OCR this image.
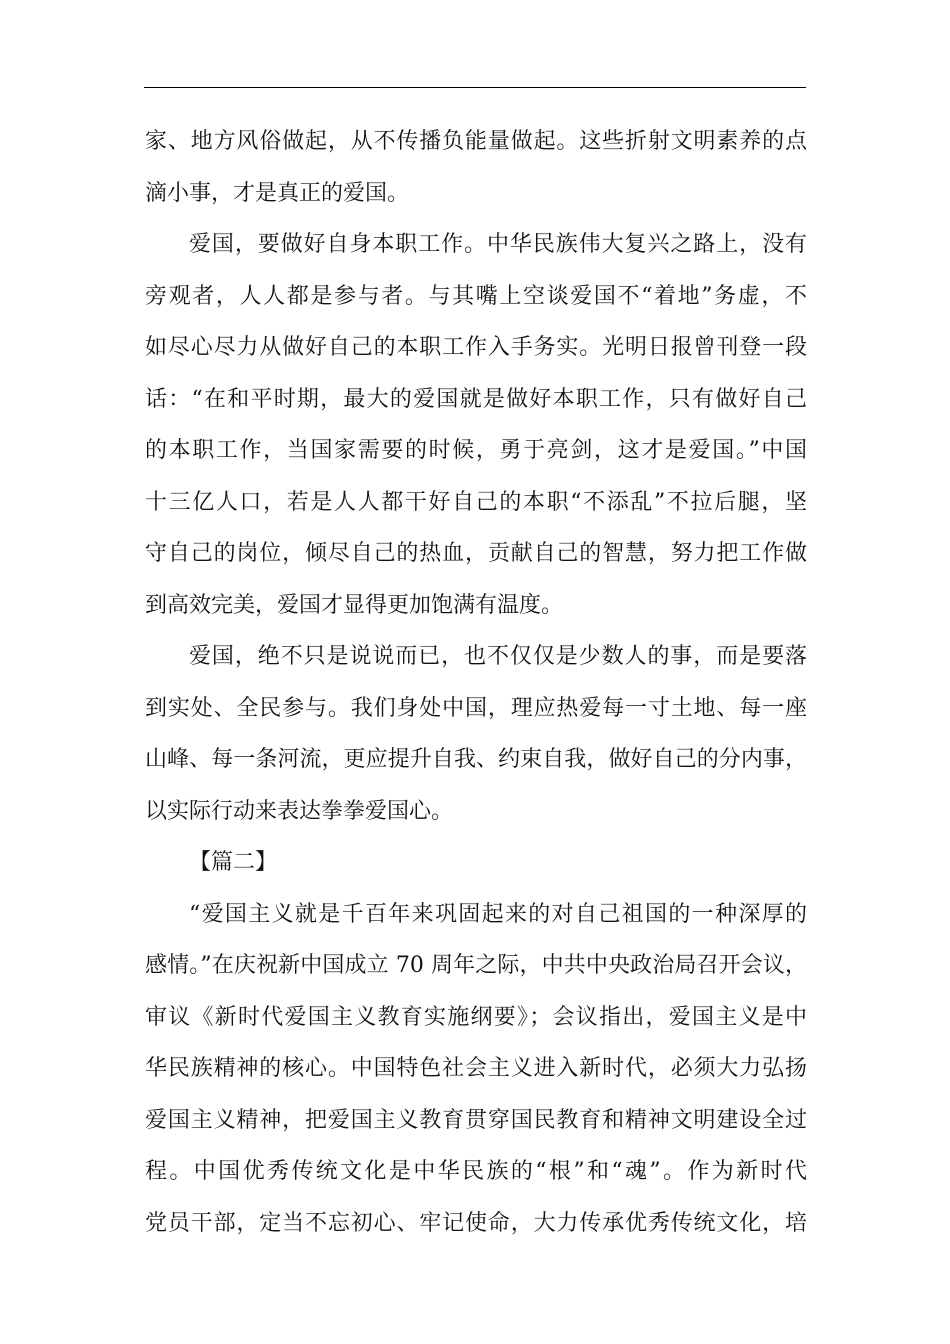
家、地方风俗做起，从不传播负能量做起。这些折射文明素养的点
滴小事，才是真正的爱国。
爱国，要做好自身本职工作。中华民族伟大复兴之路上，没有
旁观者，人人都是参与者。与其嘴上空谈爱国不“着地”务虚，不
如尽心尽力从做好自己的本职工作入手务实。光明日报曾刊登一段
话：“在和平时期，最大的爱国就是做好本职工作，只有做好自己
的本职工作，当国家需要的时候，勇于亮剑，这才是爱国。”中国
十三亿人口，若是人人都干好自己的本职“不添乱”不拉后腿，坚
守自己的岗位，倾尽自己的热血，贡献自己的智慧，努力把工作做
到高效完美，爱国才显得更加饱满有温度。
爱国，绝不只是说说而已，也不仅仅是少数人的事，而是要落
到实处、全民参与。我们身处中国，理应热爱每一寸土地、每一座
山峰、每一条河流，更应提升自我、约束自我，做好自己的分内事，
以实际行动来表达拳拳爱国心。
【篇二】
“爱国主义就是千百年来巩固起来的对自己祖国的一种深厚的
感情。”在庆祝新中国成立 70 周年之际，中共中央政治局召开会议，
审议《新时代爱国主义教育实施纲要》；会议指出，爱国主义是中
华民族精神的核心。中国特色社会主义进入新时代，必须大力弘扬
爱国主义精神，把爱国主义教育贯穿国民教育和精神文明建设全过
程。中国优秀传统文化是中华民族的“根”和“魂”。作为新时代
党员干部，定当不忘初心、牢记使命，大力传承优秀传统文化，培
